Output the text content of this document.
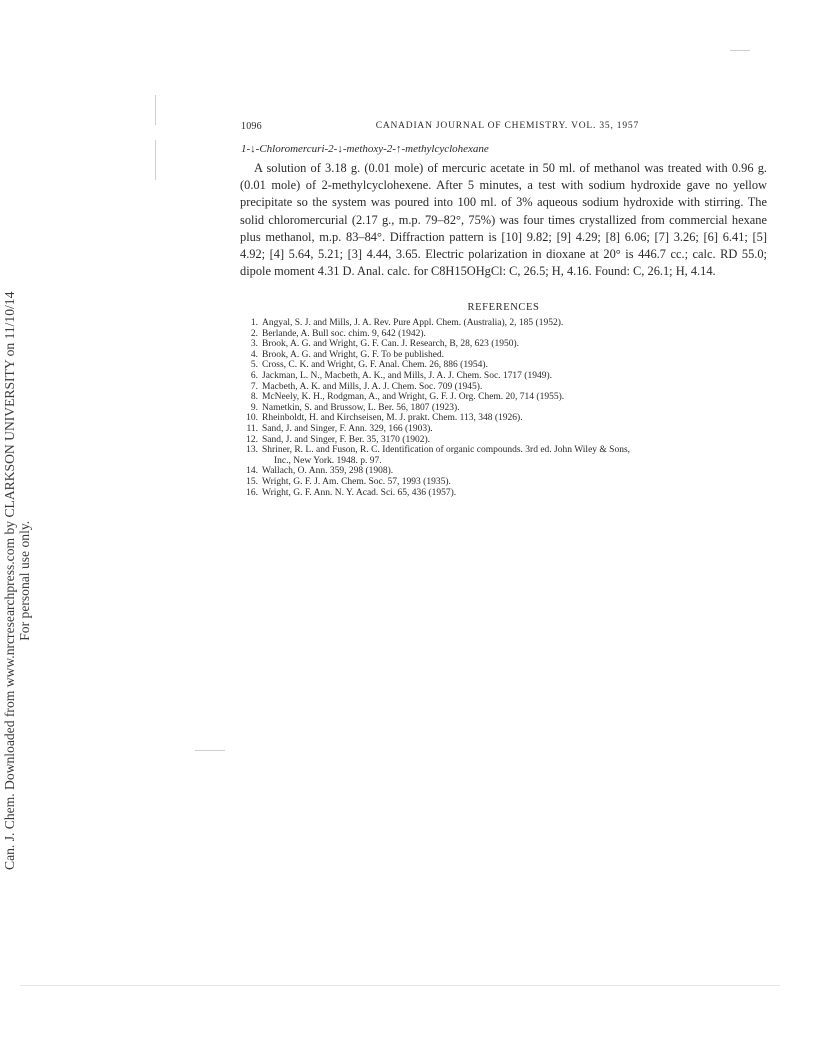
1096	CANADIAN JOURNAL OF CHEMISTRY. VOL. 35, 1957
1-↓-Chloromercuri-2-↓-methoxy-2-↑-methylcyclohexane
A solution of 3.18 g. (0.01 mole) of mercuric acetate in 50 ml. of methanol was treated with 0.96 g. (0.01 mole) of 2-methylcyclohexene. After 5 minutes, a test with sodium hydroxide gave no yellow precipitate so the system was poured into 100 ml. of 3% aqueous sodium hydroxide with stirring. The solid chloromercurial (2.17 g., m.p. 79–82°, 75%) was four times crystallized from commercial hexane plus methanol, m.p. 83–84°. Diffraction pattern is [10] 9.82; [9] 4.29; [8] 6.06; [7] 3.26; [6] 6.41; [5] 4.92; [4] 5.64, 5.21; [3] 4.44, 3.65. Electric polarization in dioxane at 20° is 446.7 cc.; calc. RD 55.0; dipole moment 4.31 D. Anal. calc. for C8H15OHgCl: C, 26.5; H, 4.16. Found: C, 26.1; H, 4.14.
REFERENCES
1. Angyal, S. J. and Mills, J. A. Rev. Pure Appl. Chem. (Australia), 2, 185 (1952).
2. Berlande, A. Bull soc. chim. 9, 642 (1942).
3. Brook, A. G. and Wright, G. F. Can. J. Research, B, 28, 623 (1950).
4. Brook, A. G. and Wright, G. F. To be published.
5. Cross, C. K. and Wright, G. F. Anal. Chem. 26, 886 (1954).
6. Jackman, L. N., Macbeth, A. K., and Mills, J. A. J. Chem. Soc. 1717 (1949).
7. Macbeth, A. K. and Mills, J. A. J. Chem. Soc. 709 (1945).
8. McNeely, K. H., Rodgman, A., and Wright, G. F. J. Org. Chem. 20, 714 (1955).
9. Nametkin, S. and Brussow, L. Ber. 56, 1807 (1923).
10. Rheinboldt, H. and Kirchseisen, M. J. prakt. Chem. 113, 348 (1926).
11. Sand, J. and Singer, F. Ann. 329, 166 (1903).
12. Sand, J. and Singer, F. Ber. 35, 3170 (1902).
13. Shriner, R. L. and Fuson, R. C. Identification of organic compounds. 3rd ed. John Wiley & Sons,
Inc., New York. 1948. p. 97.
14. Wallach, O. Ann. 359, 298 (1908).
15. Wright, G. F. J. Am. Chem. Soc. 57, 1993 (1935).
16. Wright, G. F. Ann. N. Y. Acad. Sci. 65, 436 (1957).
Can. J. Chem. Downloaded from www.nrcresearchpress.com by CLARKSON UNIVERSITY on 11/10/14 For personal use only.
